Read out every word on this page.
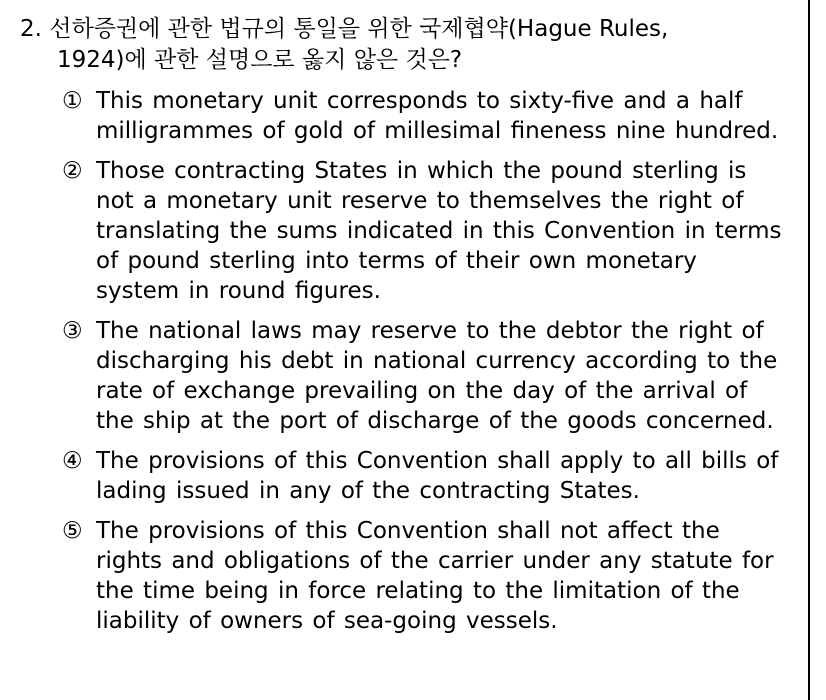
2. 선하증권에 관한 법규의 통일을 위한 국제협약(Hague Rules,
1924)에 관한 설명으로 옳지 않은 것은?
① This monetary unit corresponds to sixty-five and a half milligrammes of gold of millesimal fineness nine hundred.
② Those contracting States in which the pound sterling is not a monetary unit reserve to themselves the right of translating the sums indicated in this Convention in terms of pound sterling into terms of their own monetary system in round figures.
③ The national laws may reserve to the debtor the right of discharging his debt in national currency according to the rate of exchange prevailing on the day of the arrival of the ship at the port of discharge of the goods concerned.
④ The provisions of this Convention shall apply to all bills of lading issued in any of the contracting States.
⑤ The provisions of this Convention shall not affect the rights and obligations of the carrier under any statute for the time being in force relating to the limitation of the liability of owners of sea-going vessels.
